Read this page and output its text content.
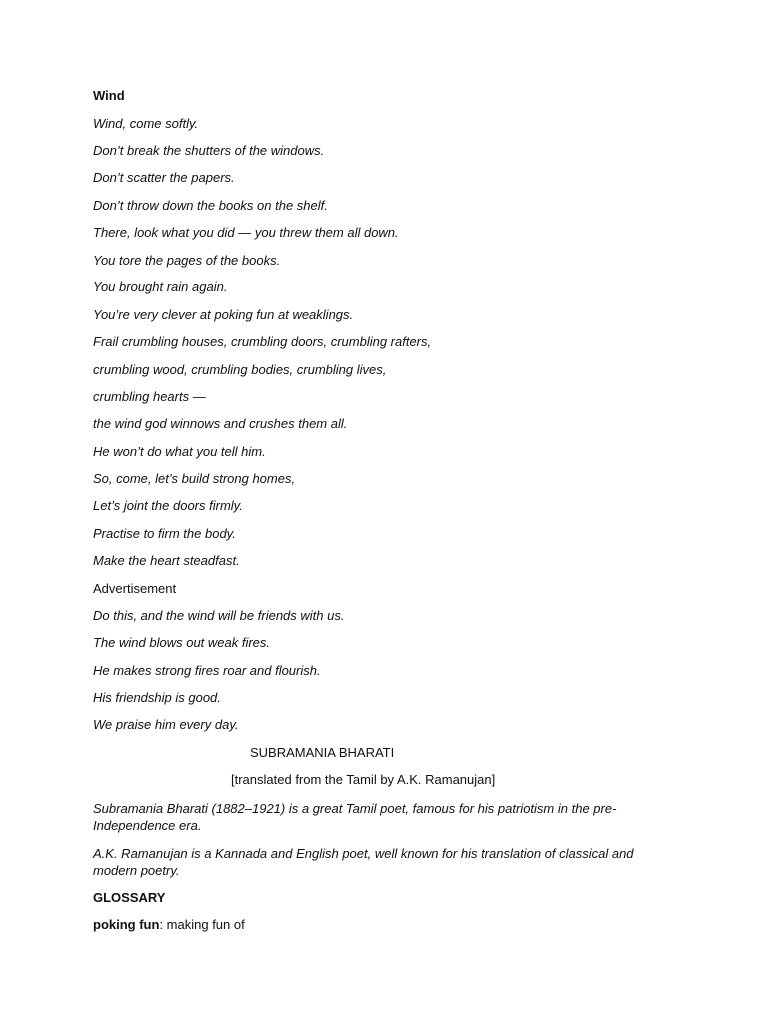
Wind
Wind, come softly.
Don’t break the shutters of the windows.
Don’t scatter the papers.
Don’t throw down the books on the shelf.
There, look what you did — you threw them all down.
You tore the pages of the books.
You brought rain again.
You’re very clever at poking fun at weaklings.
Frail crumbling houses, crumbling doors, crumbling rafters,
crumbling wood, crumbling bodies, crumbling lives,
crumbling hearts —
the wind god winnows and crushes them all.
He won’t do what you tell him.
So, come, let’s build strong homes,
Let’s joint the doors firmly.
Practise to firm the body.
Make the heart steadfast.
Advertisement
Do this, and the wind will be friends with us.
The wind blows out weak fires.
He makes strong fires roar and flourish.
His friendship is good.
We praise him every day.
SUBRAMANIA BHARATI
[translated from the Tamil by A.K. Ramanujan]
Subramania Bharati (1882–1921) is a great Tamil poet, famous for his patriotism in the pre-Independence era.
A.K. Ramanujan is a Kannada and English poet, well known for his translation of classical and modern poetry.
GLOSSARY
poking fun: making fun of
